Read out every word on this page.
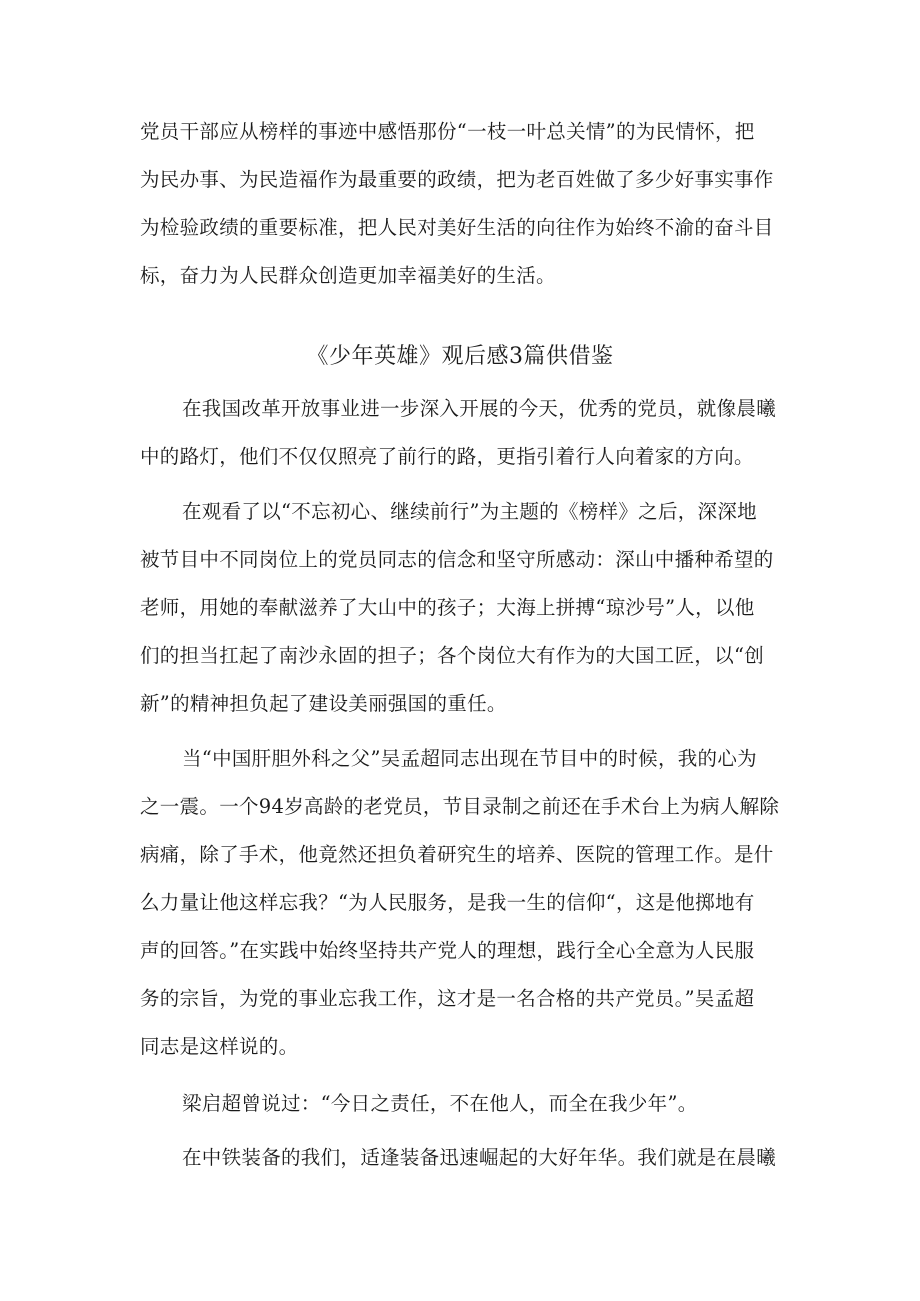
党员干部应从榜样的事迹中感悟那份“一枝一叶总关情”的为民情怀，把
为民办事、为民造福作为最重要的政绩，把为老百姓做了多少好事实事作
为检验政绩的重要标准，把人民对美好生活的向往作为始终不渝的奋斗目
标，奋力为人民群众创造更加幸福美好的生活。
《少年英雄》观后感3篇供借鉴
在我国改革开放事业进一步深入开展的今天，优秀的党员，就像晨曦
中的路灯，他们不仅仅照亮了前行的路，更指引着行人向着家的方向。
在观看了以“不忘初心、继续前行”为主题的《榜样》之后，深深地
被节目中不同岗位上的党员同志的信念和坚守所感动：深山中播种希望的
老师，用她的奉献滋养了大山中的孩子；大海上拼搏“琼沙号”人，以他
们的担当扛起了南沙永固的担子；各个岗位大有作为的大国工匠，以“创
新”的精神担负起了建设美丽强国的重任。
当“中国肝胆外科之父”吴孟超同志出现在节目中的时候，我的心为
之一震。一个94岁高龄的老党员，节目录制之前还在手术台上为病人解除
病痛，除了手术，他竟然还担负着研究生的培养、医院的管理工作。是什
么力量让他这样忘我？“为人民服务，是我一生的信仰“，这是他掷地有
声的回答。”在实践中始终坚持共产党人的理想，践行全心全意为人民服
务的宗旨，为党的事业忘我工作，这才是一名合格的共产党员。”吴孟超
同志是这样说的。
梁启超曾说过：“今日之责任，不在他人，而全在我少年”。
在中铁装备的我们，适逢装备迅速崛起的大好年华。我们就是在晨曦
